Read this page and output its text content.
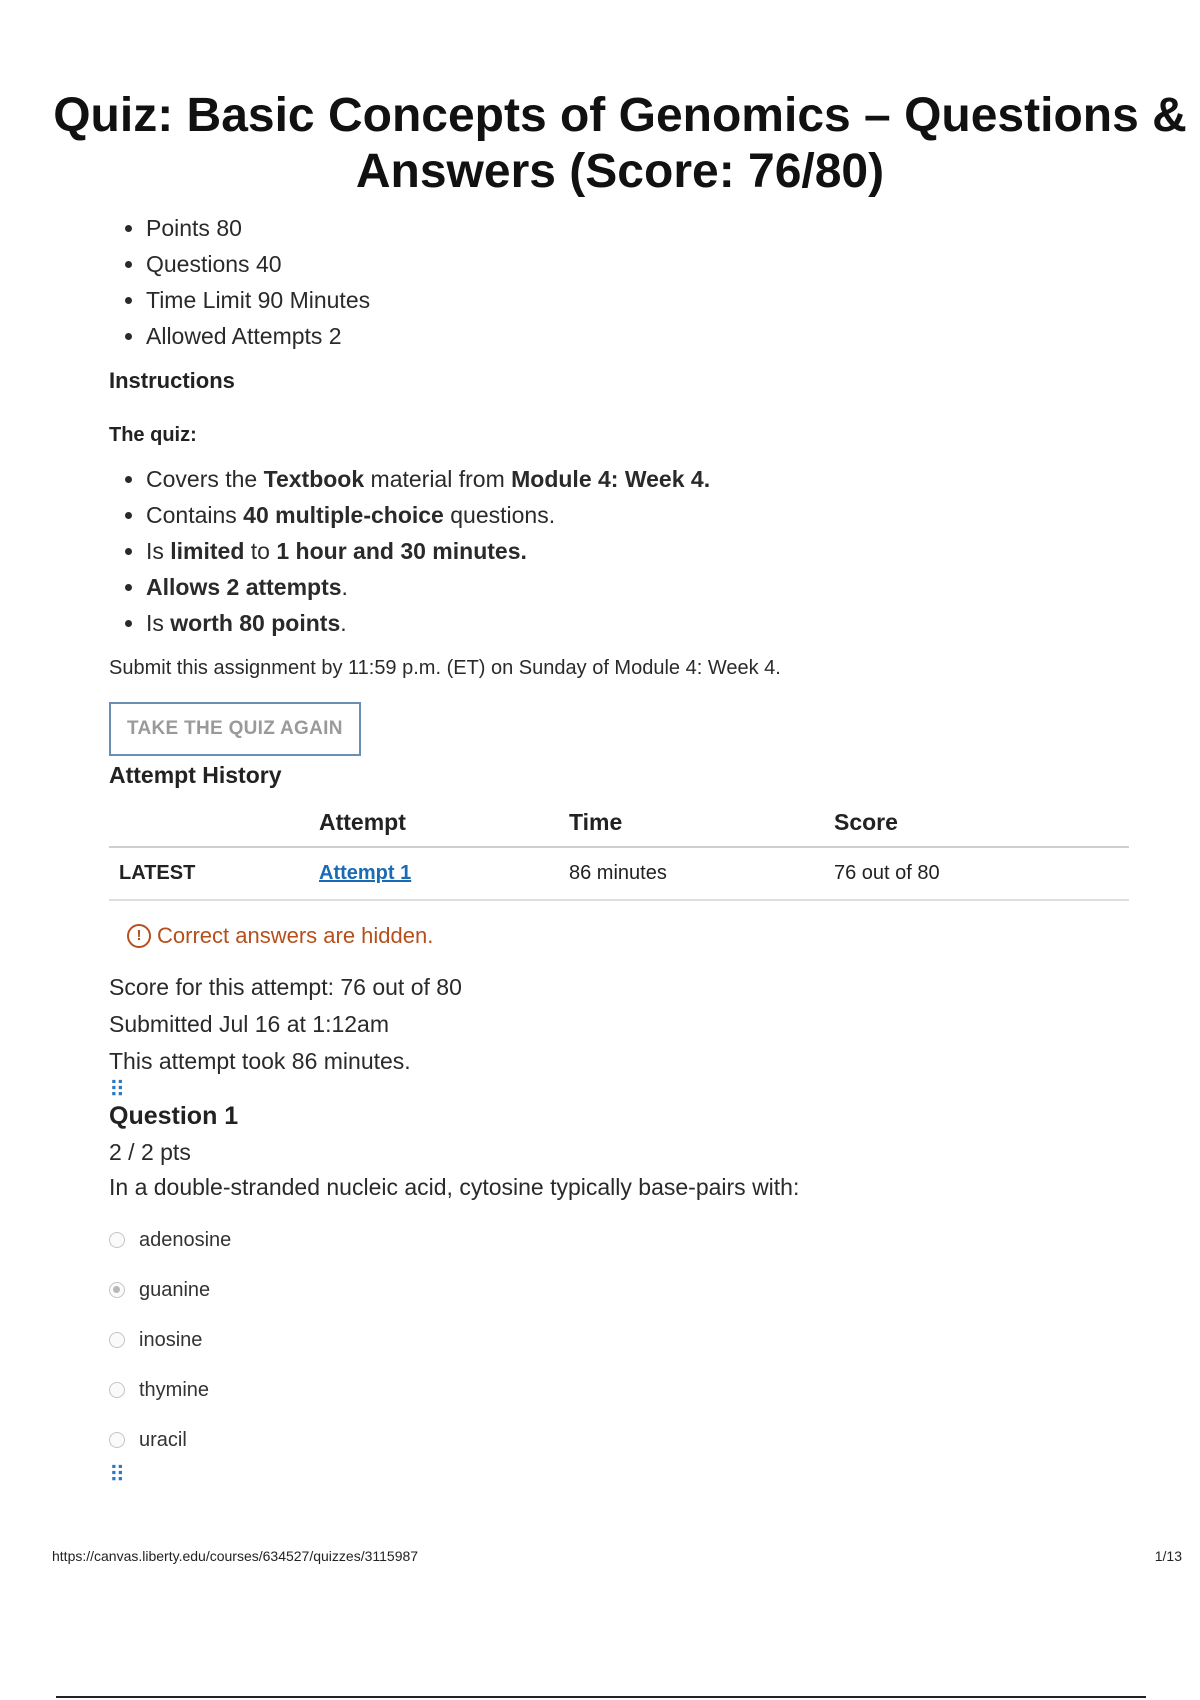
Quiz: Basic Concepts of Genomics – Questions & Answers (Score: 76/80)
• Points 80
• Questions 40
• Time Limit 90 Minutes
• Allowed Attempts 2
Instructions
The quiz:
• Covers the Textbook material from Module 4: Week 4.
• Contains 40 multiple-choice questions.
• Is limited to 1 hour and 30 minutes.
• Allows 2 attempts.
• Is worth 80 points.
Submit this assignment by 11:59 p.m. (ET) on Sunday of Module 4: Week 4.
TAKE THE QUIZ AGAIN
Attempt History
	Attempt	Time	Score
LATEST	Attempt 1	86 minutes	76 out of 80
! Correct answers are hidden.
Score for this attempt: 76 out of 80
Submitted Jul 16 at 1:12am
This attempt took 86 minutes.
⠿
Question 1
2 / 2 pts
In a double-stranded nucleic acid, cytosine typically base-pairs with:
adenosine
guanine
inosine
thymine
uracil
⠿
https://canvas.liberty.edu/courses/634527/quizzes/3115987	1/13
